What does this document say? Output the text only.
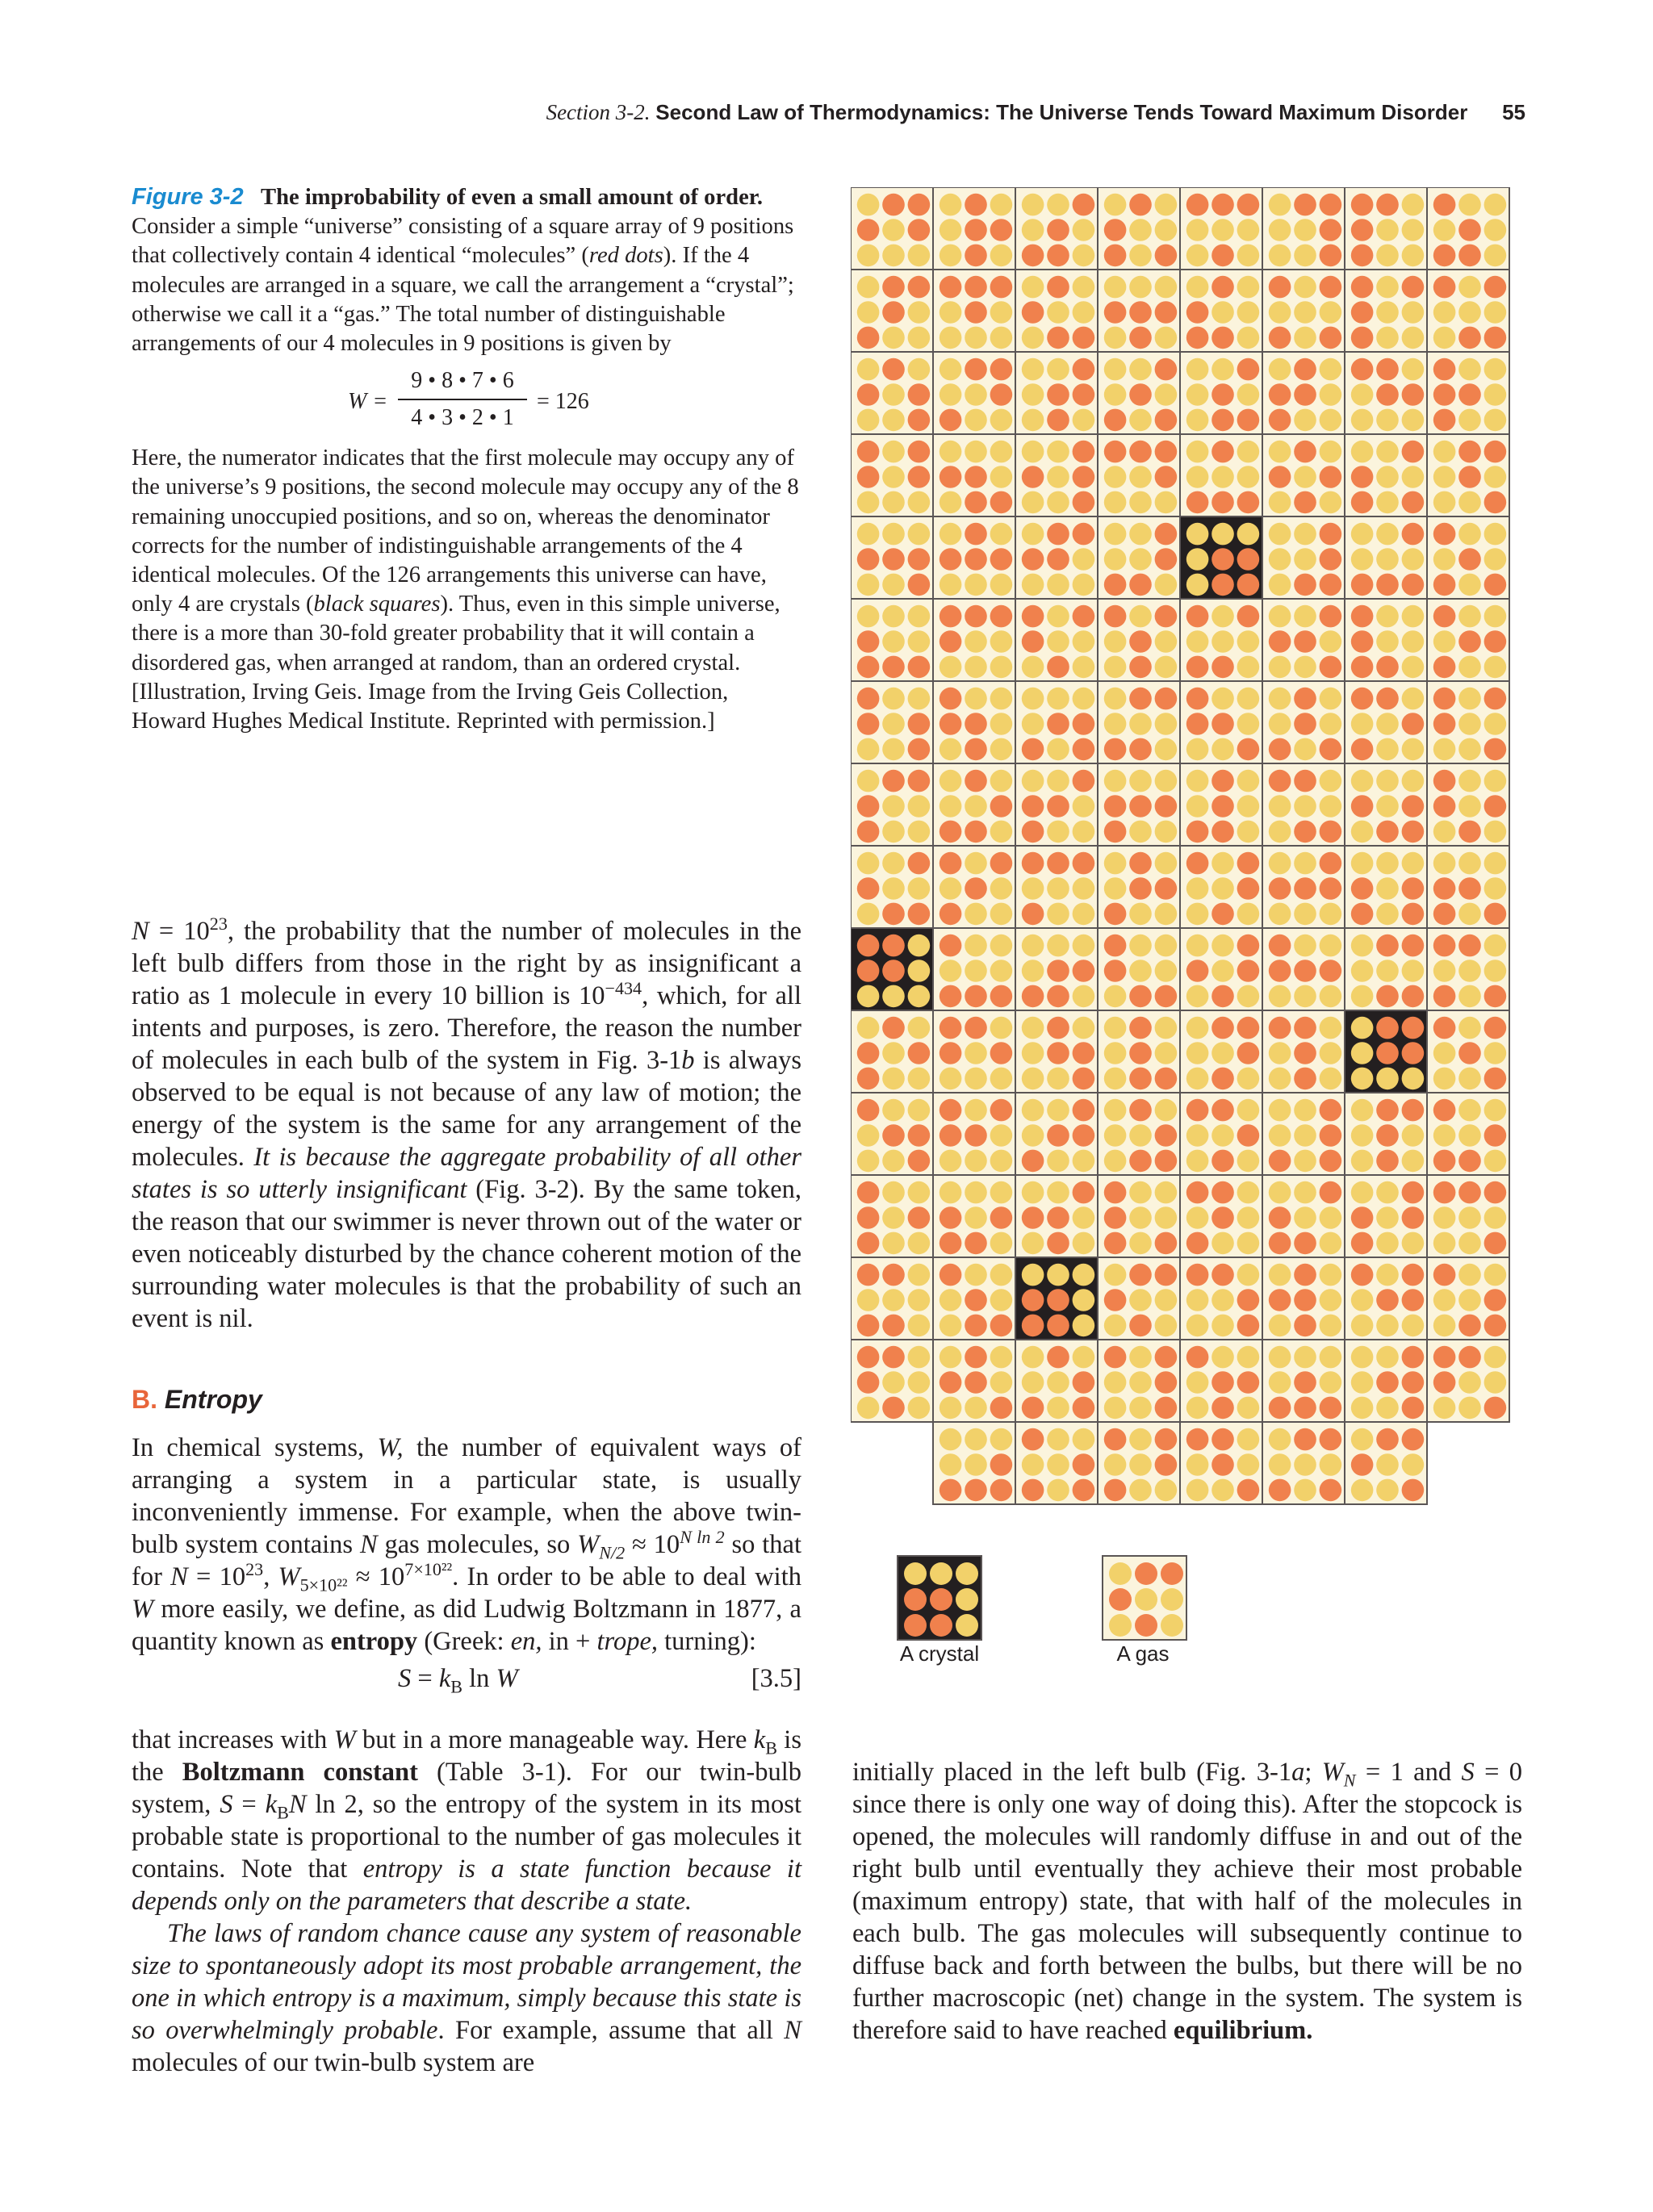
Section 3-2. Second Law of Thermodynamics: The Universe Tends Toward Maximum Disorder 55

Figure 3-2 The improbability of even a small amount of order. Consider a simple “universe” consisting of a square array of 9 positions that collectively contain 4 identical “molecules” (red dots). If the 4 molecules are arranged in a square, we call the arrangement a “crystal”; otherwise we call it a “gas.” The total number of distinguishable arrangements of our 4 molecules in 9 positions is given by

$W = \frac{9 • 8 • 7 • 6}{4 • 3 • 2 • 1} = 126$

Here, the numerator indicates that the first molecule may occupy any of the universe’s 9 positions, the second molecule may occupy any of the 8 remaining unoccupied positions, and so on, whereas the denominator corrects for the number of indistinguishable arrangements of the 4 identical molecules. Of the 126 arrangements this universe can have, only 4 are crystals (black squares). Thus, even in this simple universe, there is a more than 30-fold greater probability that it will contain a disordered gas, when arranged at random, than an ordered crystal. [Illustration, Irving Geis. Image from the Irving Geis Collection, Howard Hughes Medical Institute. Reprinted with permission.]

$N = 10^{23}$, the probability that the number of molecules in the left bulb differs from those in the right by as insignificant a ratio as 1 molecule in every 10 billion is $10^{-434}$, which, for all intents and purposes, is zero. Therefore, the reason the number of molecules in each bulb of the system in Fig. 3-1b is always observed to be equal is not because of any law of motion; the energy of the system is the same for any arrangement of the molecules. It is because the aggregate probability of all other states is so utterly insignificant (Fig. 3-2). By the same token, the reason that our swimmer is never thrown out of the water or even noticeably disturbed by the chance coherent motion of the surrounding water molecules is that the probability of such an event is nil.

B. Entropy

In chemical systems, W, the number of equivalent ways of arranging a system in a particular state, is usually inconveniently immense. For example, when the above twin-bulb system contains N gas molecules, so $W_{N/2} \approx 10^{N ln 2}$ so that for $N = 10^{23}$, $W_{5\times 10^{22}} \approx 10^{7\times 10^{22}}$. In order to be able to deal with W more easily, we define, as did Ludwig Boltzmann in 1877, a quantity known as entropy (Greek: en, in + trope, turning):

$S = k_B$ ln W	[3.5]

that increases with W but in a more manageable way. Here $k_B$ is the Boltzmann constant (Table 3-1). For our twin-bulb system, $S = k_BN$ ln 2, so the entropy of the system in its most probable state is proportional to the number of gas molecules it contains. Note that entropy is a state function because it depends only on the parameters that describe a state.

The laws of random chance cause any system of reasonable size to spontaneously adopt its most probable arrangement, the one in which entropy is a maximum, simply because this state is so overwhelmingly probable. For example, assume that all N molecules of our twin-bulb system are

initially placed in the left bulb (Fig. 3-1a; $W_N = 1$ and S = 0 since there is only one way of doing this). After the stopcock is opened, the molecules will randomly diffuse in and out of the right bulb until eventually they achieve their most probable (maximum entropy) state, that with half of the molecules in each bulb. The gas molecules will subsequently continue to diffuse back and forth between the bulbs, but there will be no further macroscopic (net) change in the system. The system is therefore said to have reached equilibrium.

A crystal	A gas
